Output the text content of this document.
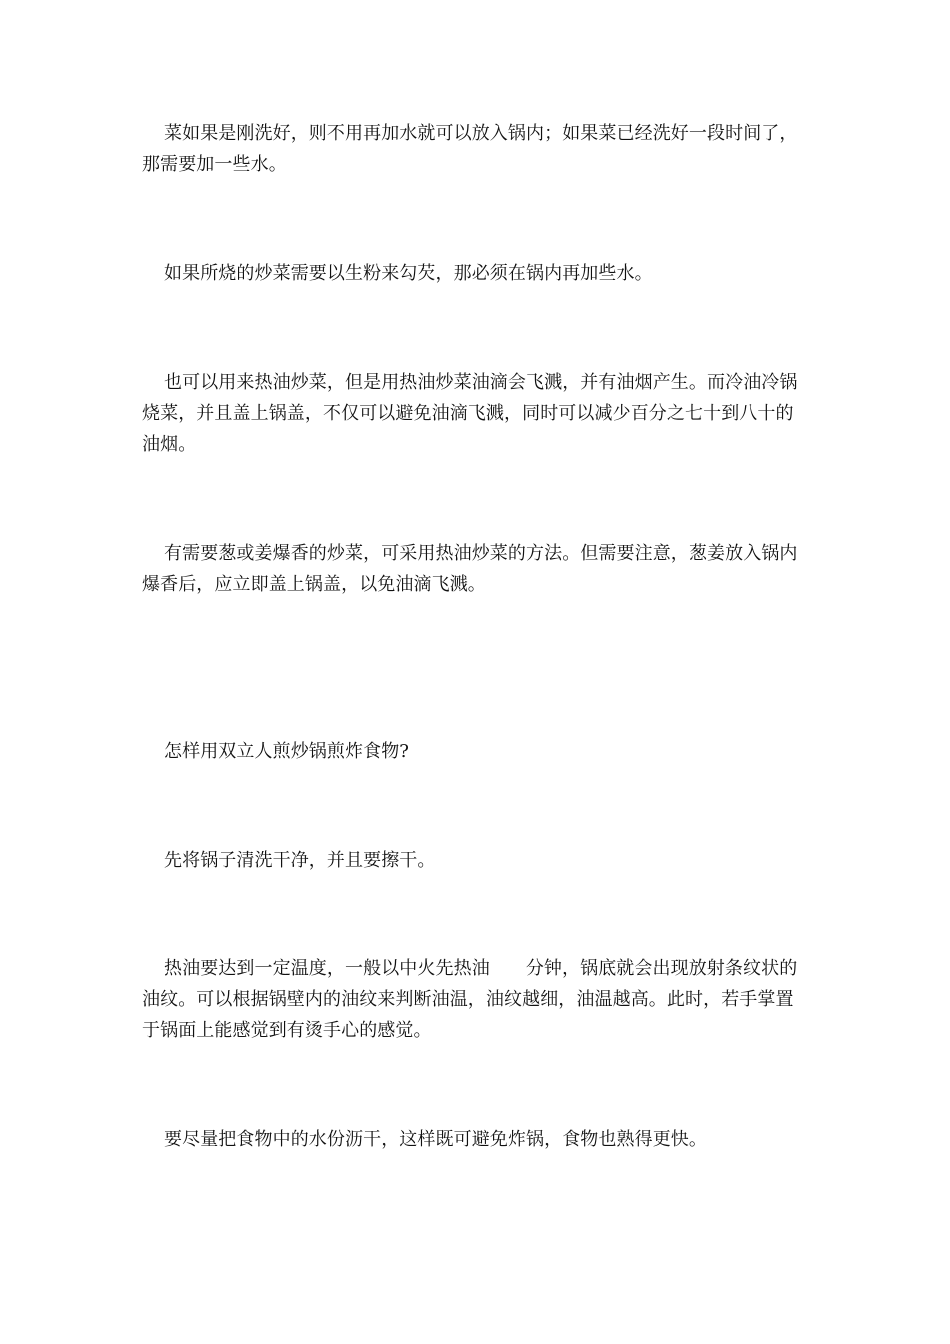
菜如果是刚洗好，则不用再加水就可以放入锅内；如果菜已经洗好一段时间了，那需要加一些水。

如果所烧的炒菜需要以生粉来勾芡，那必须在锅内再加些水。

也可以用来热油炒菜，但是用热油炒菜油滴会飞溅，并有油烟产生。而冷油冷锅烧菜，并且盖上锅盖，不仅可以避免油滴飞溅，同时可以减少百分之七十到八十的油烟。

有需要葱或姜爆香的炒菜，可采用热油炒菜的方法。但需要注意，葱姜放入锅内爆香后，应立即盖上锅盖，以免油滴飞溅。

怎样用双立人煎炒锅煎炸食物?

先将锅子清洗干净，并且要擦干。

热油要达到一定温度，一般以中火先热油 分钟，锅底就会出现放射条纹状的油纹。可以根据锅壁内的油纹来判断油温，油纹越细，油温越高。此时，若手掌置于锅面上能感觉到有烫手心的感觉。

要尽量把食物中的水份沥干，这样既可避免炸锅，食物也熟得更快。
